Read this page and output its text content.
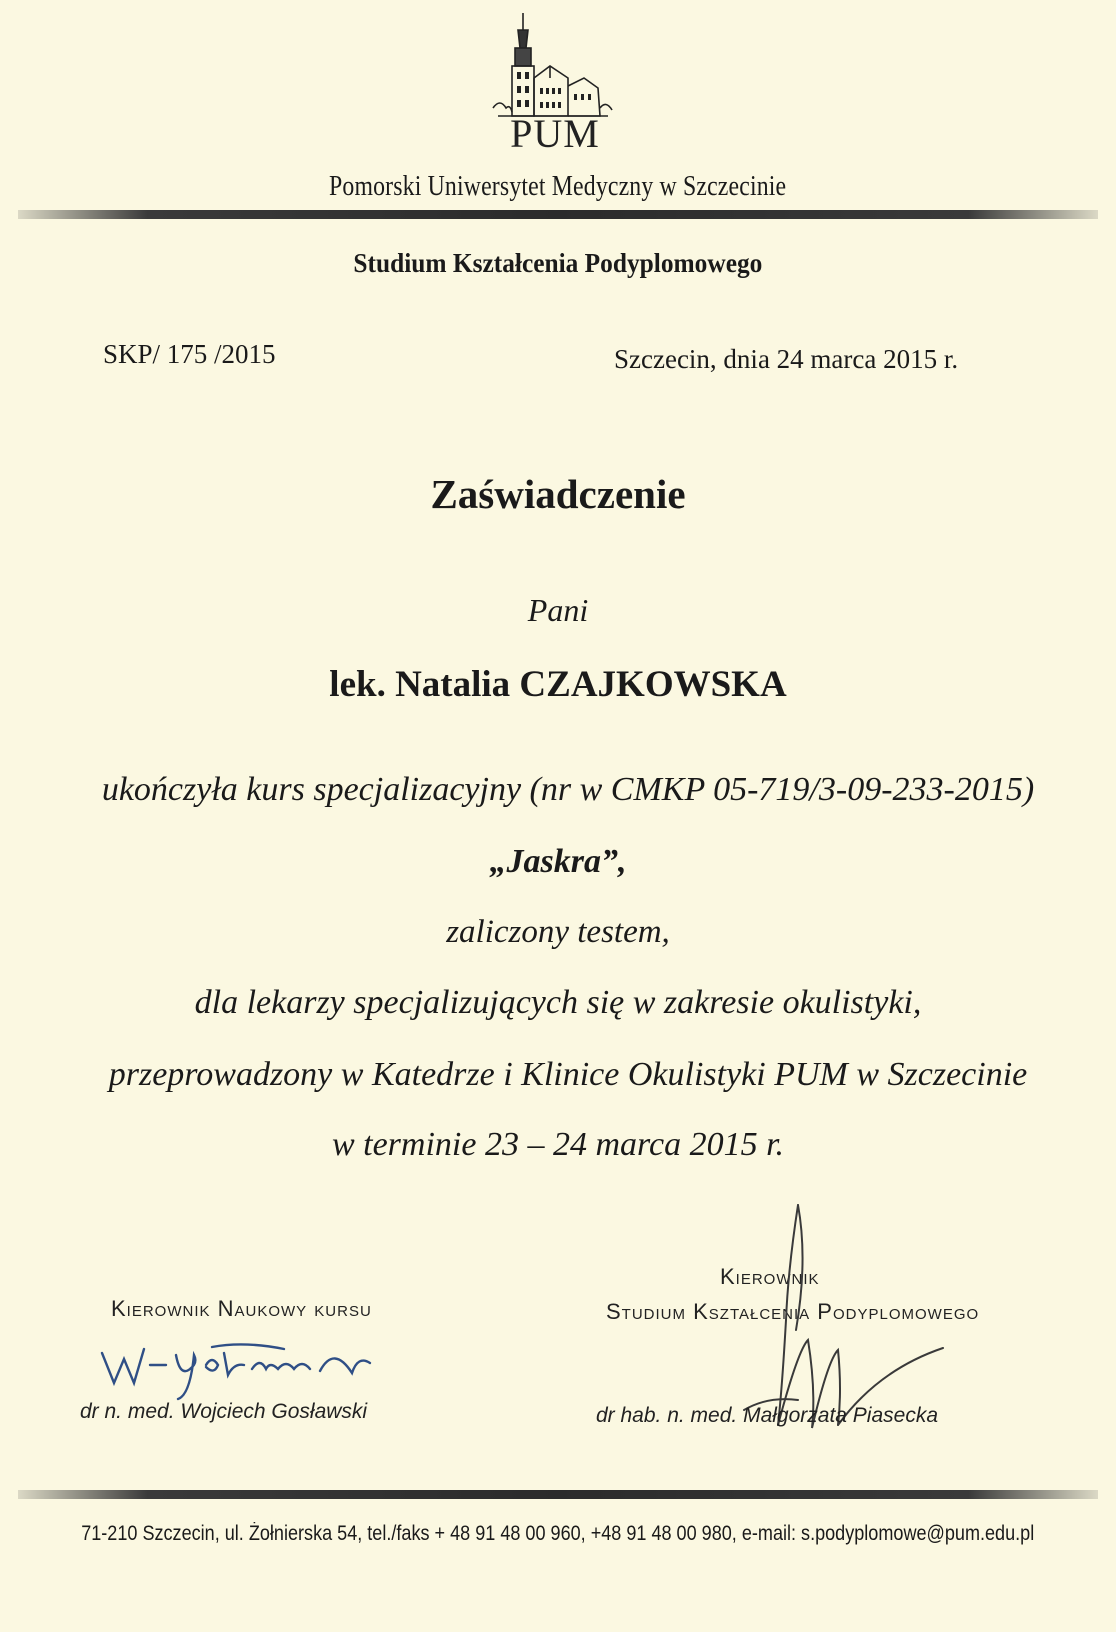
PUM
Pomorski Uniwersytet Medyczny w Szczecinie
Studium Kształcenia Podyplomowego
SKP/ 175 /2015	Szczecin, dnia 24 marca 2015 r.
Zaświadczenie
Pani
lek. Natalia CZAJKOWSKA
ukończyła kurs specjalizacyjny (nr w CMKP 05-719/3-09-233-2015)
„Jaskra”,
zaliczony testem,
dla lekarzy specjalizujących się w zakresie okulistyki,
przeprowadzony w Katedrze i Klinice Okulistyki PUM w Szczecinie
w terminie 23 – 24 marca 2015 r.
Kierownik Naukowy kursu
dr n. med. Wojciech Gosławski
Kierownik
Studium Kształcenia Podyplomowego
dr hab. n. med. Małgorzata Piasecka
71-210 Szczecin, ul. Żołnierska 54, tel./faks + 48 91 48 00 960, +48 91 48 00 980, e-mail: s.podyplomowe@pum.edu.pl
